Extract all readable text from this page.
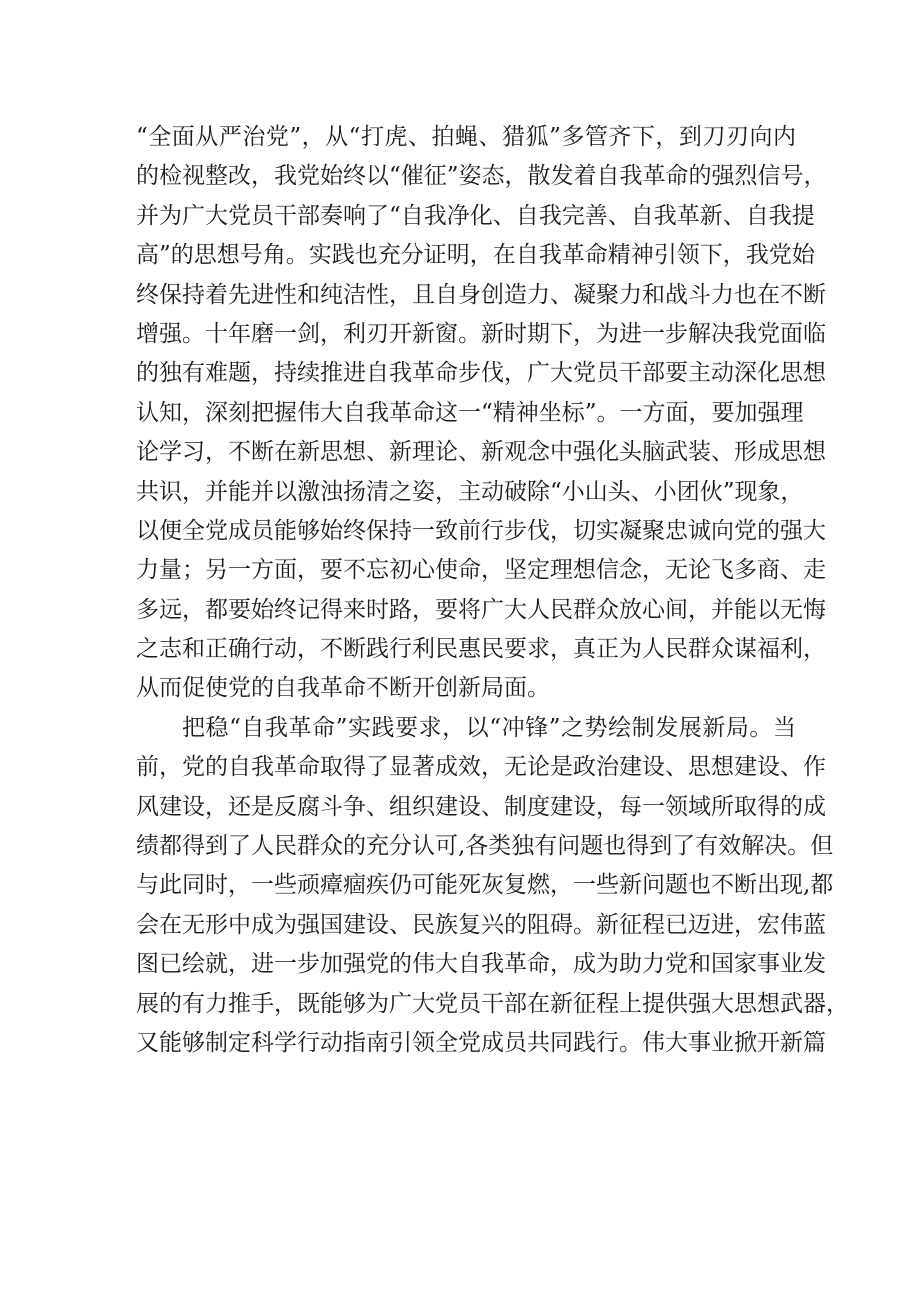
“全面从严治党”，从“打虎、拍蝇、猎狐”多管齐下，到刀刃向内
的检视整改，我党始终以“催征”姿态，散发着自我革命的强烈信号，
并为广大党员干部奏响了“自我净化、自我完善、自我革新、自我提
高”的思想号角。实践也充分证明，在自我革命精神引领下，我党始
终保持着先进性和纯洁性，且自身创造力、凝聚力和战斗力也在不断
增强。十年磨一剑，利刃开新窗。新时期下，为进一步解决我党面临
的独有难题，持续推进自我革命步伐，广大党员干部要主动深化思想
认知，深刻把握伟大自我革命这一“精神坐标”。一方面，要加强理
论学习，不断在新思想、新理论、新观念中强化头脑武装、形成思想
共识，并能并以激浊扬清之姿，主动破除“小山头、小团伙”现象，
以便全党成员能够始终保持一致前行步伐，切实凝聚忠诚向党的强大
力量；另一方面，要不忘初心使命，坚定理想信念，无论飞多商、走
多远，都要始终记得来时路，要将广大人民群众放心间，并能以无悔
之志和正确行动，不断践行利民惠民要求，真正为人民群众谋福利，
从而促使党的自我革命不断开创新局面。
把稳“自我革命”实践要求，以“冲锋”之势绘制发展新局。当
前，党的自我革命取得了显著成效，无论是政治建设、思想建设、作
风建设，还是反腐斗争、组织建设、制度建设，每一领域所取得的成
绩都得到了人民群众的充分认可,各类独有问题也得到了有效解决。但
与此同时，一些顽瘴痼疾仍可能死灰复燃，一些新问题也不断出现,都
会在无形中成为强国建设、民族复兴的阻碍。新征程已迈进，宏伟蓝
图已绘就，进一步加强党的伟大自我革命，成为助力党和国家事业发
展的有力推手，既能够为广大党员干部在新征程上提供强大思想武器，
又能够制定科学行动指南引领全党成员共同践行。伟大事业掀开新篇
